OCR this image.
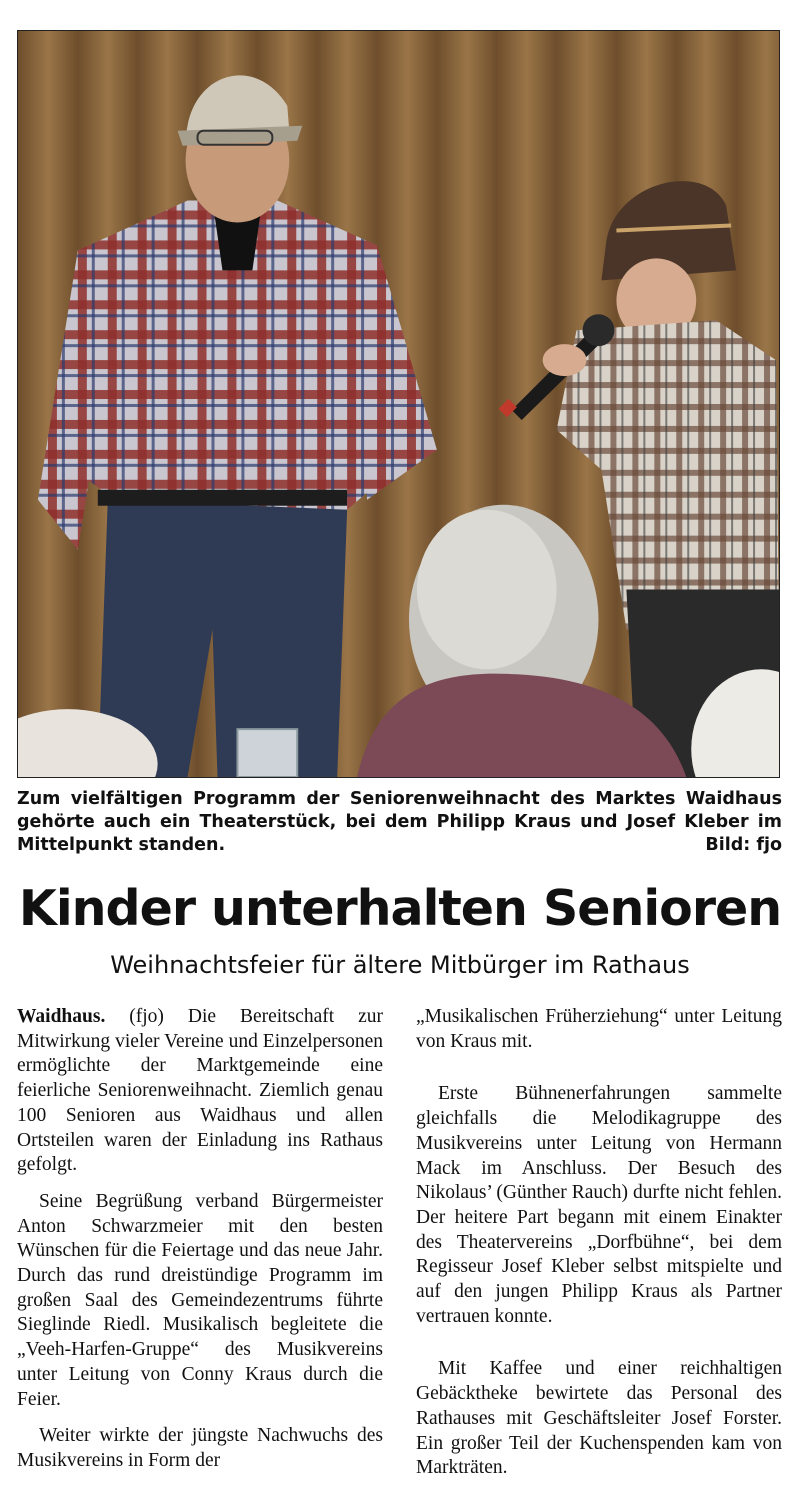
Zum vielfältigen Programm der Seniorenweihnacht des Marktes Waidhaus gehörte auch ein Theaterstück, bei dem Philipp Kraus und Josef Kleber im Mittelpunkt standen.	Bild: fjo
Kinder unterhalten Senioren
Weihnachtsfeier für ältere Mitbürger im Rathaus

Waidhaus. (fjo) Die Bereitschaft zur Mitwirkung vieler Vereine und Einzelpersonen ermöglichte der Marktgemeinde eine feierliche Seniorenweihnacht. Ziemlich genau 100 Senioren aus Waidhaus und allen Ortsteilen waren der Einladung ins Rathaus gefolgt.

Seine Begrüßung verband Bürgermeister Anton Schwarzmeier mit den besten Wünschen für die Feiertage und das neue Jahr. Durch das rund dreistündige Programm im großen Saal des Gemeindezentrums führte Sieglinde Riedl. Musikalisch begleitete die „Veeh-Harfen-Gruppe“ des Musikvereins unter Leitung von Conny Kraus durch die Feier.

Weiter wirkte der jüngste Nachwuchs des Musikvereins in Form der

„Musikalischen Früherziehung“ unter Leitung von Kraus mit.

Erste Bühnenerfahrungen sammelte gleichfalls die Melodikagruppe des Musikvereins unter Leitung von Hermann Mack im Anschluss. Der Besuch des Nikolaus’ (Günther Rauch) durfte nicht fehlen. Der heitere Part begann mit einem Einakter des Theatervereins „Dorfbühne“, bei dem Regisseur Josef Kleber selbst mitspielte und auf den jungen Philipp Kraus als Partner vertrauen konnte.

Mit Kaffee und einer reichhaltigen Gebäcktheke bewirtete das Personal des Rathauses mit Geschäftsleiter Josef Forster. Ein großer Teil der Kuchenspenden kam von Markträten.
